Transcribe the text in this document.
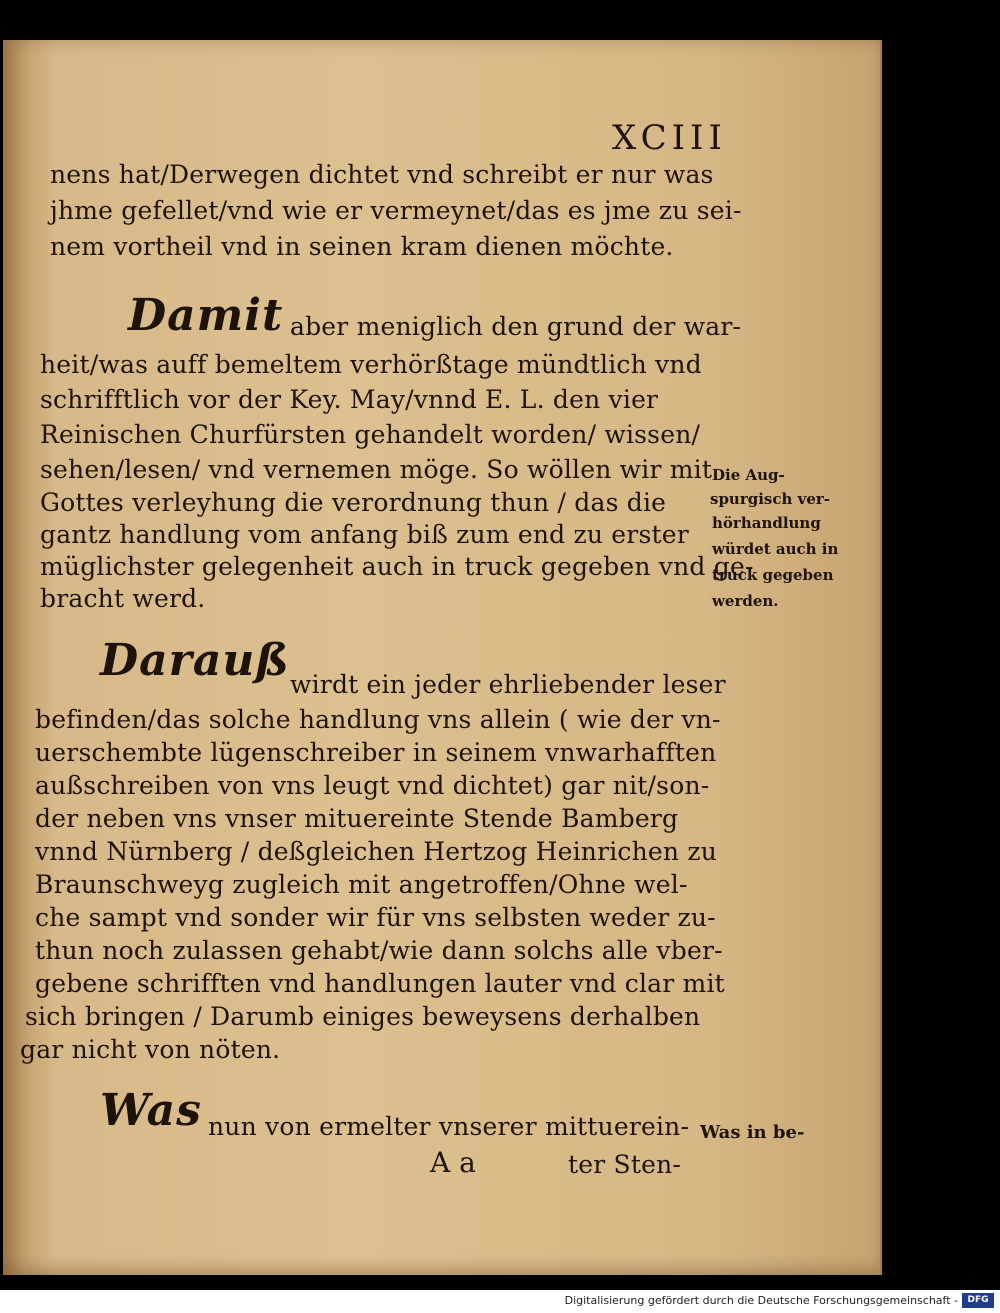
XCIII
nens hat/Derwegen dichtet vnd schreibt er nur was
jhme gefellet/vnd wie er vermeynet/das es jme zu sei-
nem vortheil vnd in seinen kram dienen möchte.
Damit aber meniglich den grund der war-
heit/was auff bemeltem verhörßtage mündtlich vnd
schrifftlich vor der Key. May/vnnd E. L. den vier
Reinischen Churfürsten gehandelt worden/ wissen/
sehen/lesen/ vnd vernemen möge. So wöllen wir mit
Gottes verleyhung die verordnung thun / das die
gantz handlung vom anfang biß zum end zu erster
müglichster gelegenheit auch in truck gegeben vnd ge-
bracht werd.
Die Aug-
spurgisch ver-
hörhandlung
würdet auch in
truck gegeben
werden.
Darauß wirdt ein jeder ehrliebender leser
befinden/das solche handlung vns allein ( wie der vn-
uerschembte lügenschreiber in seinem vnwarhafften
außschreiben von vns leugt vnd dichtet) gar nit/son-
der neben vns vnser mituereinte Stende Bamberg
vnnd Nürnberg / deßgleichen Hertzog Heinrichen zu
Braunschweyg zugleich mit angetroffen/Ohne wel-
che sampt vnd sonder wir für vns selbsten weder zu-
thun noch zulassen gehabt/wie dann solchs alle vber-
gebene schrifften vnd handlungen lauter vnd clar mit
sich bringen / Darumb einiges beweysens derhalben
gar nicht von nöten.
Was nun von ermelter vnserer mittuerein- Was in be-
A a	ter Sten-
Digitalisierung gefördert durch die Deutsche Forschungsgemeinschaft -	DFG
